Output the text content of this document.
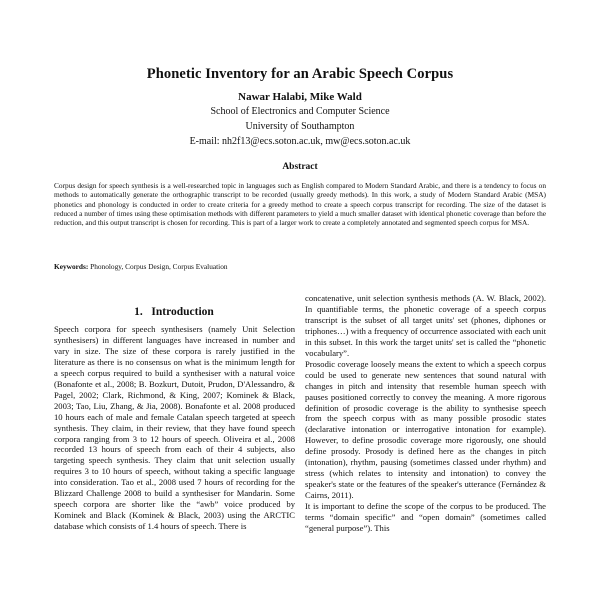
Phonetic Inventory for an Arabic Speech Corpus
Nawar Halabi, Mike Wald
School of Electronics and Computer Science
University of Southampton
E-mail: nh2f13@ecs.soton.ac.uk, mw@ecs.soton.ac.uk
Abstract
Corpus design for speech synthesis is a well-researched topic in languages such as English compared to Modern Standard Arabic, and there is a tendency to focus on methods to automatically generate the orthographic transcript to be recorded (usually greedy methods). In this work, a study of Modern Standard Arabic (MSA) phonetics and phonology is conducted in order to create criteria for a greedy method to create a speech corpus transcript for recording. The size of the dataset is reduced a number of times using these optimisation methods with different parameters to yield a much smaller dataset with identical phonetic coverage than before the reduction, and this output transcript is chosen for recording. This is part of a larger work to create a completely annotated and segmented speech corpus for MSA.
Keywords: Phonology, Corpus Design, Corpus Evaluation
1.   Introduction

Speech corpora for speech synthesisers (namely Unit Selection synthesisers) in different languages have increased in number and vary in size. The size of these corpora is rarely justified in the literature as there is no consensus on what is the minimum length for a speech corpus required to build a synthesiser with a natural voice (Bonafonte et al., 2008; B. Bozkurt, Dutoit, Prudon, D'Alessandro, & Pagel, 2002; Clark, Richmond, & King, 2007; Kominek & Black, 2003; Tao, Liu, Zhang, & Jia, 2008). Bonafonte et al. 2008 produced 10 hours each of male and female Catalan speech targeted at speech synthesis. They claim, in their review, that they have found speech corpora ranging from 3 to 12 hours of speech. Oliveira et al., 2008 recorded 13 hours of speech from each of their 4 subjects, also targeting speech synthesis. They claim that unit selection usually requires 3 to 10 hours of speech, without taking a specific language into consideration. Tao et al., 2008 used 7 hours of recording for the Blizzard Challenge 2008 to build a synthesiser for Mandarin. Some speech corpora are shorter like the “awb” voice produced by Kominek and Black (Kominek & Black, 2003) using the ARCTIC database which consists of 1.4 hours of speech. There is

concatenative, unit selection synthesis methods (A. W. Black, 2002). In quantifiable terms, the phonetic coverage of a speech corpus transcript is the subset of all target units' set (phones, diphones or triphones…) with a frequency of occurrence associated with each unit in this subset. In this work the target units' set is called the “phonetic vocabulary”.

Prosodic coverage loosely means the extent to which a speech corpus could be used to generate new sentences that sound natural with changes in pitch and intensity that resemble human speech with pauses positioned correctly to convey the meaning. A more rigorous definition of prosodic coverage is the ability to synthesise speech from the speech corpus with as many possible prosodic states (declarative intonation or interrogative intonation for example). However, to define prosodic coverage more rigorously, one should define prosody. Prosody is defined here as the changes in pitch (intonation), rhythm, pausing (sometimes classed under rhythm) and stress (which relates to intensity and intonation) to convey the speaker's state or the features of the speaker's utterance (Fernández & Cairns, 2011).

It is important to define the scope of the corpus to be produced. The terms “domain specific” and “open domain” (sometimes called “general purpose”). This
